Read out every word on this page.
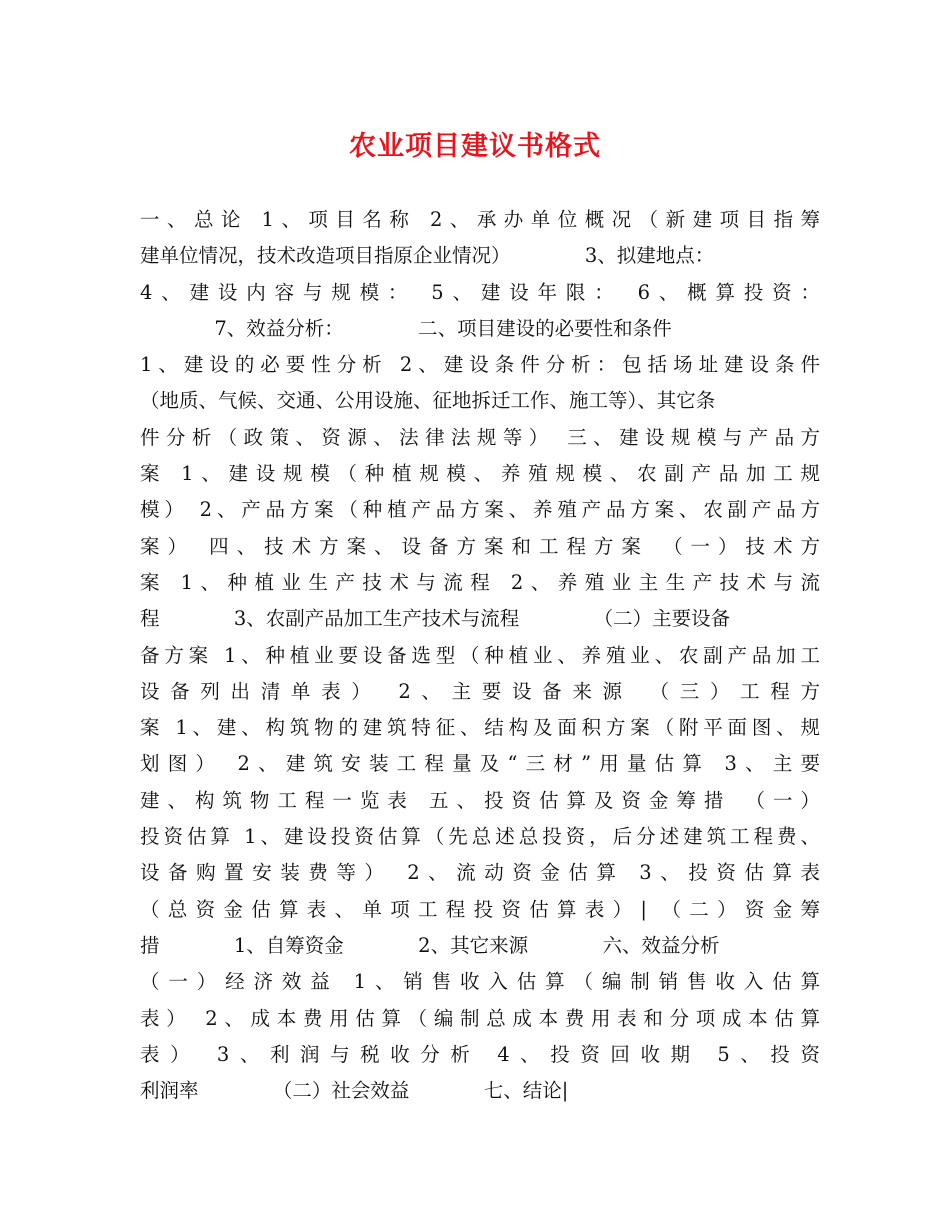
农业项目建议书格式
一、总论 1、项目名称 2、承办单位概况（新建项目指筹
建单位情况，技术改造项目指原企业情况）            3、拟建地点：
4、建设内容与规模： 5、建设年限： 6、概算投资：
7、效益分析：            二、项目建设的必要性和条件
1、建设的必要性分析 2、建设条件分析：包括场址建设条件
（地质、气候、交通、公用设施、征地拆迁工作、施工等）、其它条
件分析（政策、资源、法律法规等） 三、建设规模与产品方
案 1、建设规模（种植规模、养殖规模、农副产品加工规
模） 2、产品方案（种植产品方案、养殖产品方案、农副产品方
案） 四、技术方案、设备方案和工程方案 （一）技术方
案 1、种植业生产技术与流程 2、养殖业主生产技术与流
程            3、农副产品加工生产技术与流程            （二）主要设备
备方案 1、种植业要设备选型（种植业、养殖业、农副产品加工
设备列出清单表） 2、主要设备来源 （三）工程方
案 1、建、构筑物的建筑特征、结构及面积方案（附平面图、规
划图） 2、建筑安装工程量及“三材”用量估算 3、主要
建、构筑物工程一览表 五、投资估算及资金筹措 （一）
投资估算 1、建设投资估算（先总述总投资，后分述建筑工程费、
设备购置安装费等） 2、流动资金估算 3、投资估算表
（总资金估算表、单项工程投资估算表）| （二）资金筹
措            1、自筹资金            2、其它来源            六、效益分析
（一）经济效益 1、销售收入估算（编制销售收入估算
表） 2、成本费用估算（编制总成本费用表和分项成本估算
表） 3、利润与税收分析 4、投资回收期 5、投资
利润率            （二）社会效益            七、结论|
